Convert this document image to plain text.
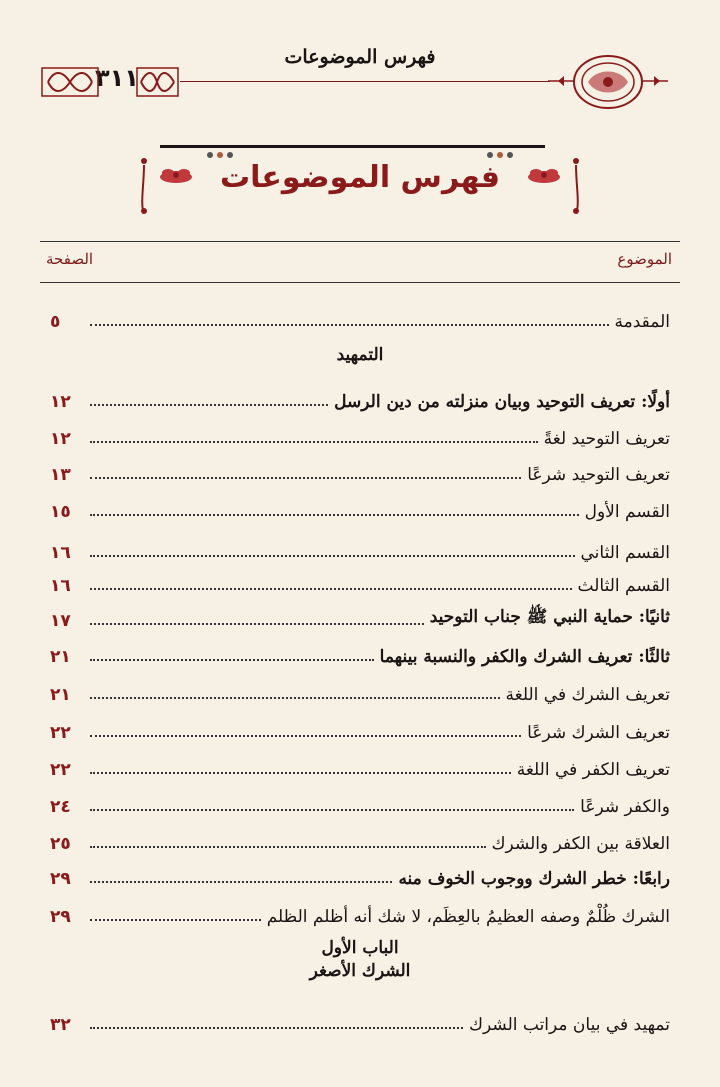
فهرس الموضوعات
٣١١
فهرس الموضوعات
الموضوع
الصفحة
المقدمة
٥
التمهيد
أولًا: تعريف التوحيد وبيان منزلته من دين الرسل
١٢
تعريف التوحيد لغةً
١٢
تعريف التوحيد شرعًا
١٣
القسم الأول
١٥
القسم الثاني
١٦
القسم الثالث
١٦
ثانيًا: حماية النبي ﷺ جناب التوحيد
١٧
ثالثًا: تعريف الشرك والكفر والنسبة بينهما
٢١
تعريف الشرك في اللغة
٢١
تعريف الشرك شرعًا
٢٢
تعريف الكفر في اللغة
٢٢
والكفر شرعًا
٢٤
العلاقة بين الكفر والشرك
٢٥
رابعًا: خطر الشرك ووجوب الخوف منه
٢٩
الشرك ظُلْمٌ وصفه العظيمُ بالعِظَم، لا شك أنه أظلم الظلم
٢٩
الباب الأول
الشرك الأصغر
تمهيد في بيان مراتب الشرك
٣٢
